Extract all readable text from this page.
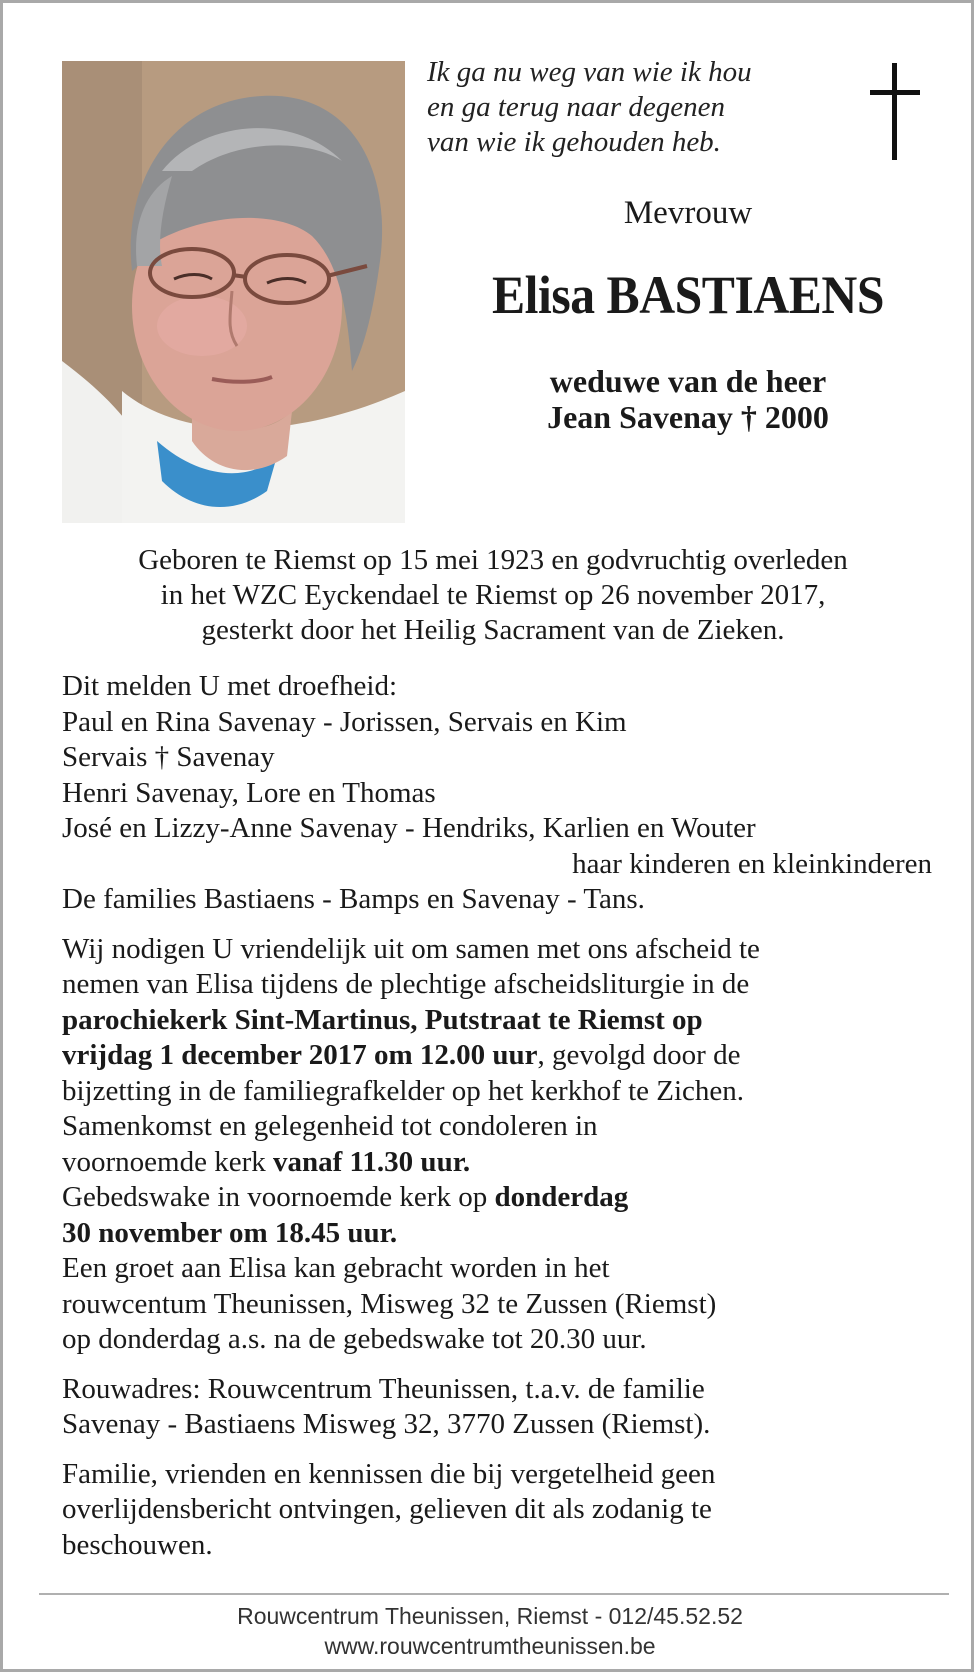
Ik ga nu weg van wie ik hou
en ga terug naar degenen
van wie ik gehouden heb.
Mevrouw
Elisa BASTIAENS
weduwe van de heer
Jean Savenay † 2000
Geboren te Riemst op 15 mei 1923 en godvruchtig overleden
in het WZC Eyckendael te Riemst op 26 november 2017,
gesterkt door het Heilig Sacrament van de Zieken.
Dit melden U met droefheid:
Paul en Rina Savenay - Jorissen, Servais en Kim
Servais † Savenay
Henri Savenay, Lore en Thomas
José en Lizzy-Anne Savenay - Hendriks, Karlien en Wouter
haar kinderen en kleinkinderen
De families Bastiaens - Bamps en Savenay - Tans.
Wij nodigen U vriendelijk uit om samen met ons afscheid te
nemen van Elisa tijdens de plechtige afscheidsliturgie in de
parochiekerk Sint-Martinus, Putstraat te Riemst op
vrijdag 1 december 2017 om 12.00 uur, gevolgd door de
bijzetting in de familiegrafkelder op het kerkhof te Zichen.
Samenkomst en gelegenheid tot condoleren in
voornoemde kerk vanaf 11.30 uur.
Gebedswake in voornoemde kerk op donderdag
30 november om 18.45 uur.
Een groet aan Elisa kan gebracht worden in het
rouwcentum Theunissen, Misweg 32 te Zussen (Riemst)
op donderdag a.s. na de gebedswake tot 20.30 uur.
Rouwadres: Rouwcentrum Theunissen, t.a.v. de familie
Savenay - Bastiaens Misweg 32, 3770 Zussen (Riemst).
Familie, vrienden en kennissen die bij vergetelheid geen
overlijdensbericht ontvingen, gelieven dit als zodanig te
beschouwen.
Rouwcentrum Theunissen, Riemst - 012/45.52.52
www.rouwcentrumtheunissen.be
